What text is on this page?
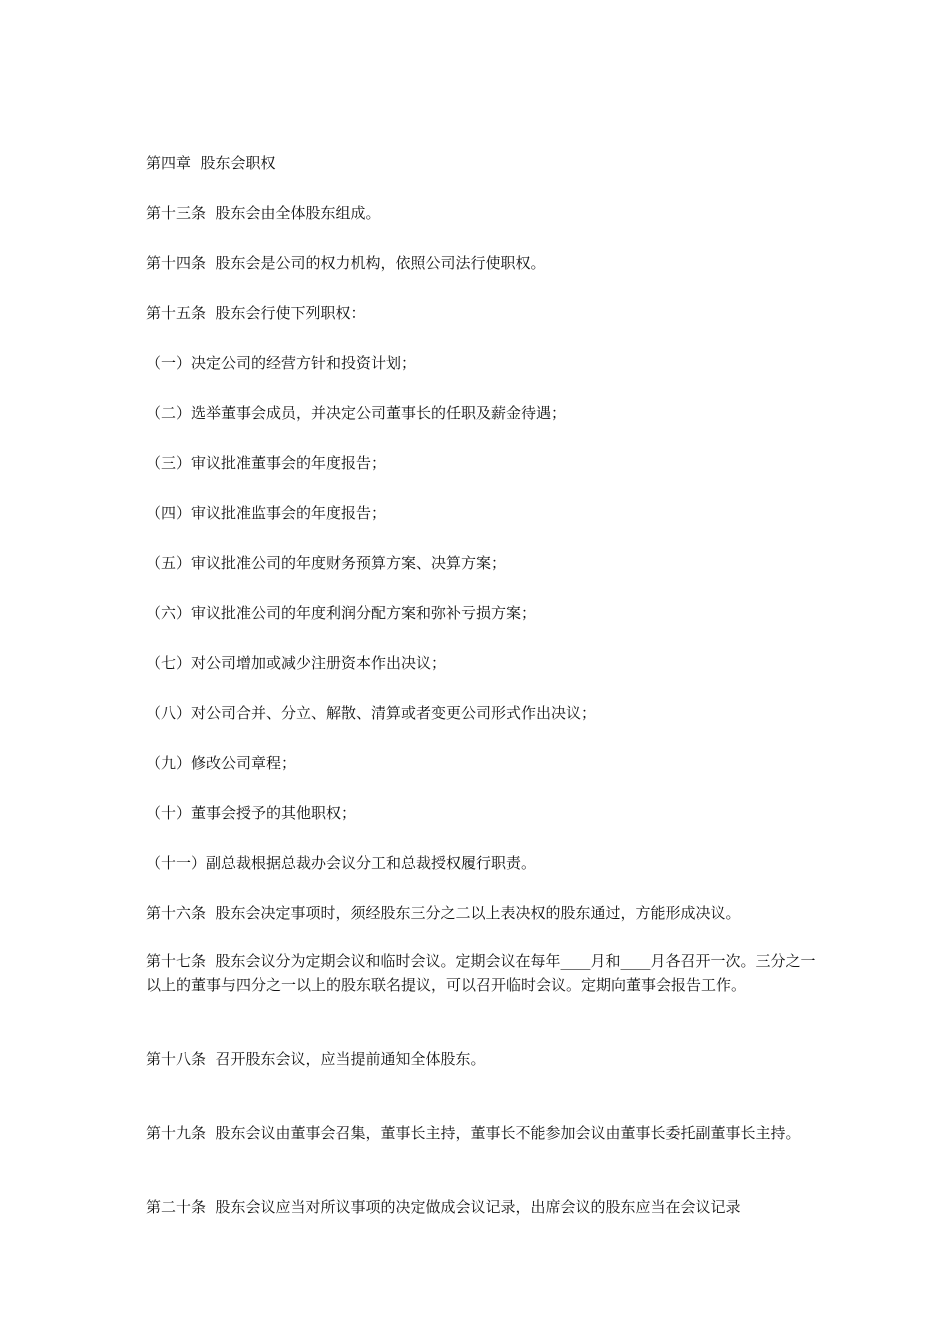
第四章  股东会职权

第十三条  股东会由全体股东组成。

第十四条  股东会是公司的权力机构，依照公司法行使职权。

第十五条  股东会行使下列职权：

（一）决定公司的经营方针和投资计划；

（二）选举董事会成员，并决定公司董事长的任职及薪金待遇；

（三）审议批准董事会的年度报告；

（四）审议批准监事会的年度报告；

（五）审议批准公司的年度财务预算方案、决算方案；

（六）审议批准公司的年度利润分配方案和弥补亏损方案；

（七）对公司增加或减少注册资本作出决议；

（八）对公司合并、分立、解散、清算或者变更公司形式作出决议；

（九）修改公司章程；

（十）董事会授予的其他职权；

（十一）副总裁根据总裁办会议分工和总裁授权履行职责。

第十六条  股东会决定事项时，须经股东三分之二以上表决权的股东通过，方能形成决议。

第十七条  股东会议分为定期会议和临时会议。定期会议在每年____月和____月各召开一次。三分之一以上的董事与四分之一以上的股东联名提议，可以召开临时会议。定期向董事会报告工作。

第十八条  召开股东会议，应当提前通知全体股东。

第十九条  股东会议由董事会召集，董事长主持，董事长不能参加会议由董事长委托副董事长主持。

第二十条  股东会议应当对所议事项的决定做成会议记录，出席会议的股东应当在会议记录
